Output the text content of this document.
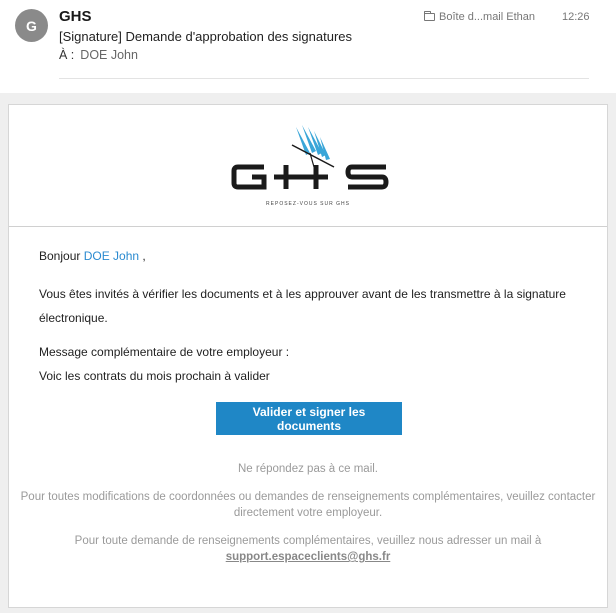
G
GHS
[Signature] Demande d'approbation des signatures
À : DOE John
Boîte d...mail Ethan 12:26
REPOSEZ-VOUS SUR GHS
Bonjour DOE John ,
Vous êtes invités à vérifier les documents et à les approuver avant de les transmettre à la signature électronique.
Message complémentaire de votre employeur :
Voic les contrats du mois prochain à valider
Valider et signer les documents
Ne répondez pas à ce mail.
Pour toutes modifications de coordonnées ou demandes de renseignements complémentaires, veuillez contacter directement votre employeur.
Pour toute demande de renseignements complémentaires, veuillez nous adresser un mail à
support.espaceclients@ghs.fr
